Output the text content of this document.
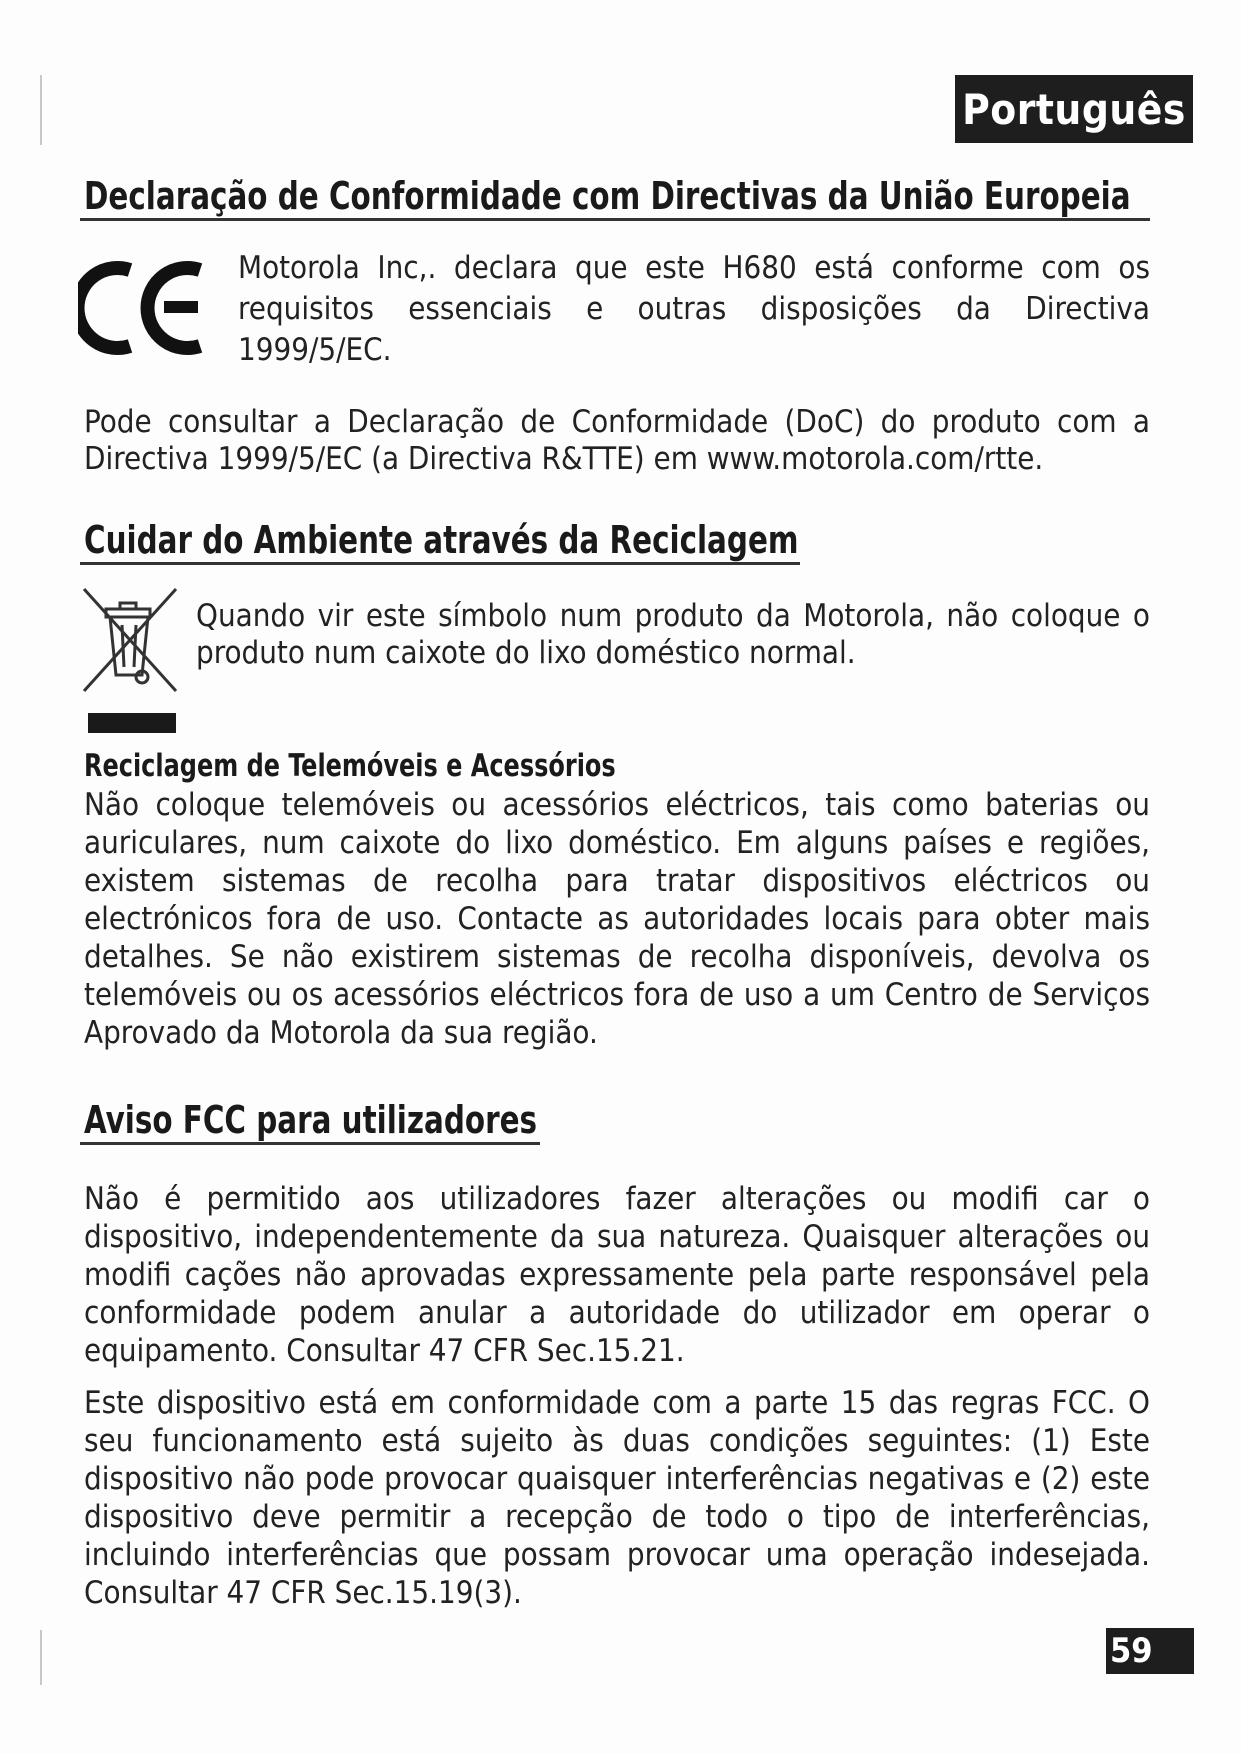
Português
Declaração de Conformidade com Directivas da União Europeia

Motorola Inc,. declara que este H680 está conforme com os requisitos essenciais e outras disposições da Directiva 1999/5/EC.

Pode consultar a Declaração de Conformidade (DoC) do produto com a Directiva 1999/5/EC (a Directiva R&TTE) em www.motorola.com/rtte.

Cuidar do Ambiente através da Reciclagem

Quando vir este símbolo num produto da Motorola, não coloque o produto num caixote do lixo doméstico normal.

Reciclagem de Telemóveis e Acessórios

Não coloque telemóveis ou acessórios eléctricos, tais como baterias ou auriculares, num caixote do lixo doméstico. Em alguns países e regiões, existem sistemas de recolha para tratar dispositivos eléctricos ou electrónicos fora de uso. Contacte as autoridades locais para obter mais detalhes. Se não existirem sistemas de recolha disponíveis, devolva os telemóveis ou os acessórios eléctricos fora de uso a um Centro de Serviços Aprovado da Motorola da sua região.

Aviso FCC para utilizadores

Não é permitido aos utilizadores fazer alterações ou modifi car o dispositivo, independentemente da sua natureza. Quaisquer alterações ou modifi cações não aprovadas expressamente pela parte responsável pela conformidade podem anular a autoridade do utilizador em operar o equipamento. Consultar 47 CFR Sec.15.21.

Este dispositivo está em conformidade com a parte 15 das regras FCC. O seu funcionamento está sujeito às duas condições seguintes: (1) Este dispositivo não pode provocar quaisquer interferências negativas e (2) este dispositivo deve permitir a recepção de todo o tipo de interferências, incluindo interferências que possam provocar uma operação indesejada. Consultar 47 CFR Sec.15.19(3).

59
